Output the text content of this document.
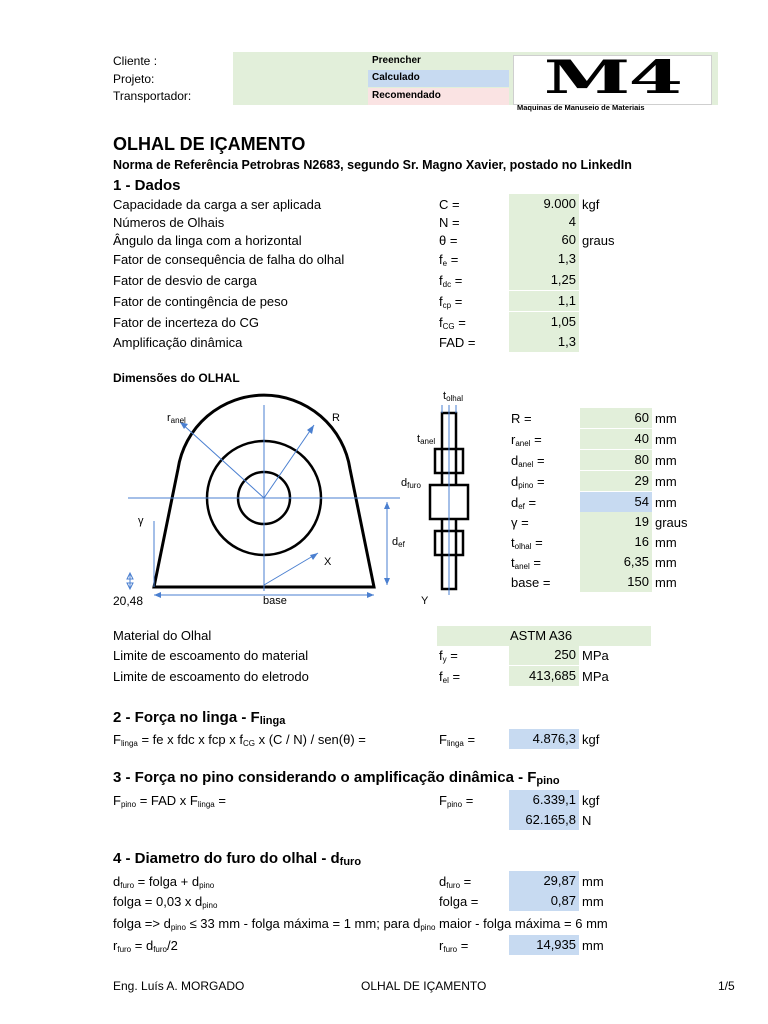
Cliente :
Projeto:
Transportador:
Preencher
Calculado
Recomendado	M4
Maquinas de Manuseio de Materiais
OLHAL DE IÇAMENTO
Norma de Referência Petrobras N2683, segundo Sr. Magno Xavier, postado no LinkedIn
1 - Dados
Capacidade da carga a ser aplicada	C =	9.000 kgf
Números de Olhais	N =	4
Ângulo da linga com a horizontal	θ =	60 graus
Fator de consequência de falha do olhal	$f_e$ =	1,3
Fator de desvio de carga	$f_{dc}$ =	1,25
Fator de contingência de peso	$f_{cp}$ =	1,1
Fator de incerteza do CG	$f_{CG}$ =	1,05
Amplificação dinâmica	FAD =	1,3
Dimensões do OLHAL
$r_{anel}$	R
γ
X
Y
base
$d_{ef}$
$d_{furo}$
$t_{olhal}$
$t_{anel}$
20,48
R =	60 mm
$r_{anel}$ =	40 mm
$d_{anel}$ =	80 mm
$d_{pino}$ =	29 mm
$d_{ef}$ =	54 mm
γ =	19 graus
$t_{olhal}$ =	16 mm
$t_{anel}$ =	6,35 mm
base =	150 mm
Material do Olhal	ASTM A36
Limite de escoamento do material	$f_y$ =	250 MPa
Limite de escoamento do eletrodo	$f_{el}$ =	413,685 MPa
2 - Força no linga - $F_{linga}$
$F_{linga}$ = fe x fdc x fcp x $f_{CG}$ x (C / N) / sen(θ) =	$F_{linga}$ =	4.876,3 kgf
3 - Força no pino considerando o amplificação dinâmica - $F_{pino}$
$F_{pino}$ = FAD x $F_{linga}$ =	$F_{pino}$ =	6.339,1 kgf
62.165,8 N
4 - Diametro do furo do olhal - $d_{furo}$
$d_{furo} = folga + d_{pino}$	$d_{furo}$ =	29,87 mm
folga = 0,03 x $d_{pino}$	folga =	0,87 mm
$folga => d_{pino} \le 33$ mm - folga máxima = 1 mm; para $d_{pino}$ maior - folga máxima = 6 mm
$r_{furo} = d_{furo}/2$	$r_{furo}$ =	14,935 mm
Eng. Luís A. MORGADO	OLHAL DE IÇAMENTO	1/5
